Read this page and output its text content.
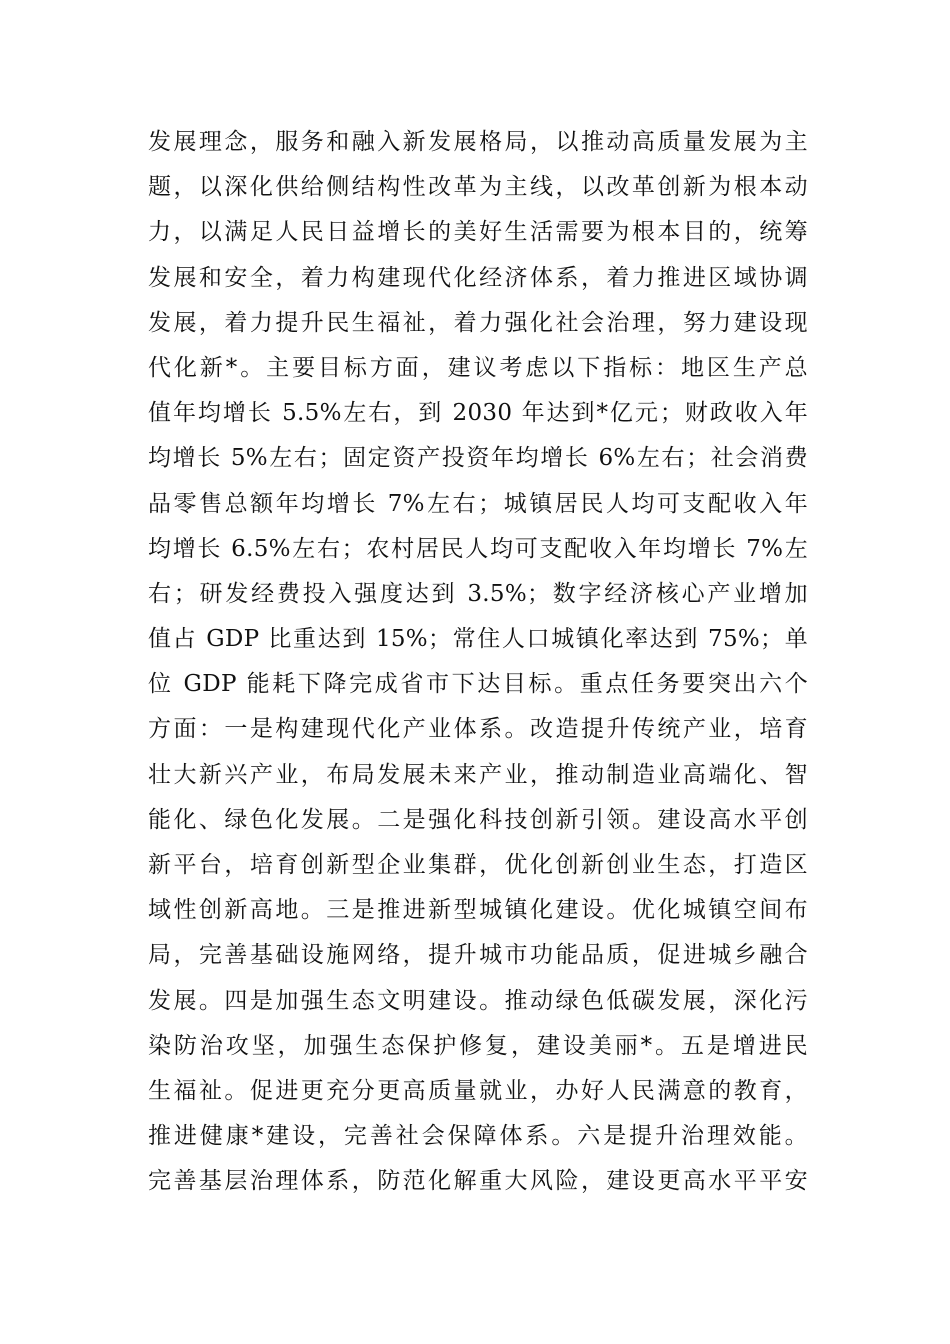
发展理念，服务和融入新发展格局，以推动高质量发展为主
题，以深化供给侧结构性改革为主线，以改革创新为根本动
力，以满足人民日益增长的美好生活需要为根本目的，统筹
发展和安全，着力构建现代化经济体系，着力推进区域协调
发展，着力提升民生福祉，着力强化社会治理，努力建设现
代化新*。主要目标方面，建议考虑以下指标：地区生产总
值年均增长 5.5%左右，到 2030 年达到*亿元；财政收入年
均增长 5%左右；固定资产投资年均增长 6%左右；社会消费
品零售总额年均增长 7%左右；城镇居民人均可支配收入年
均增长 6.5%左右；农村居民人均可支配收入年均增长 7%左
右；研发经费投入强度达到 3.5%；数字经济核心产业增加
值占 GDP 比重达到 15%；常住人口城镇化率达到 75%；单
位 GDP 能耗下降完成省市下达目标。重点任务要突出六个
方面：一是构建现代化产业体系。改造提升传统产业，培育
壮大新兴产业，布局发展未来产业，推动制造业高端化、智
能化、绿色化发展。二是强化科技创新引领。建设高水平创
新平台，培育创新型企业集群，优化创新创业生态，打造区
域性创新高地。三是推进新型城镇化建设。优化城镇空间布
局，完善基础设施网络，提升城市功能品质，促进城乡融合
发展。四是加强生态文明建设。推动绿色低碳发展，深化污
染防治攻坚，加强生态保护修复，建设美丽*。五是增进民
生福祉。促进更充分更高质量就业，办好人民满意的教育，
推进健康*建设，完善社会保障体系。六是提升治理效能。
完善基层治理体系，防范化解重大风险，建设更高水平平安
